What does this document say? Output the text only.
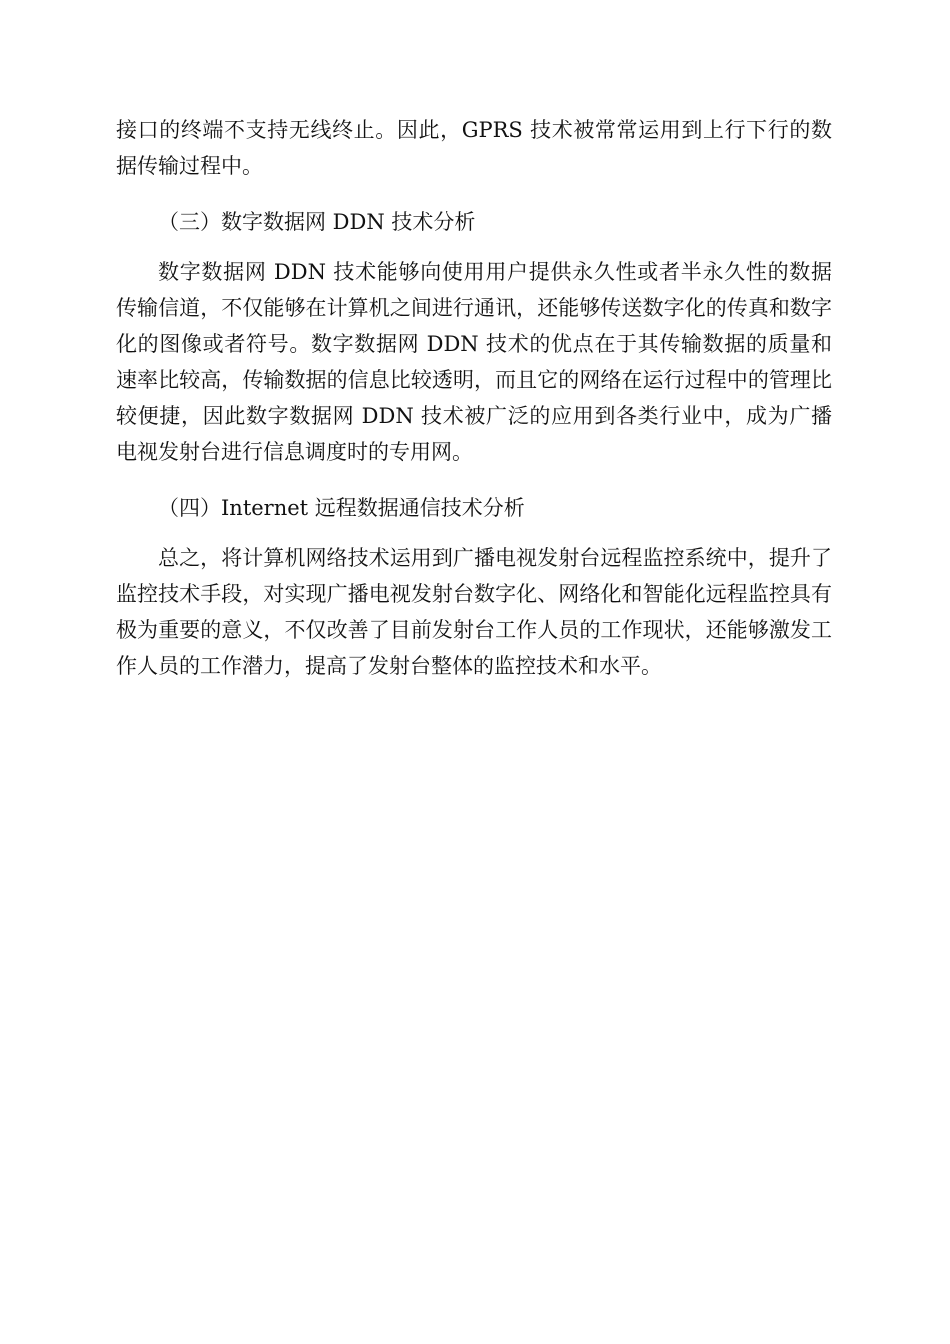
接口的终端不支持无线终止。因此，GPRS 技术被常常运用到上行下行的数据传输过程中。

（三）数字数据网 DDN 技术分析

数字数据网 DDN 技术能够向使用用户提供永久性或者半永久性的数据传输信道，不仅能够在计算机之间进行通讯，还能够传送数字化的传真和数字化的图像或者符号。数字数据网 DDN 技术的优点在于其传输数据的质量和速率比较高，传输数据的信息比较透明，而且它的网络在运行过程中的管理比较便捷，因此数字数据网 DDN 技术被广泛的应用到各类行业中，成为广播电视发射台进行信息调度时的专用网。

（四）Internet 远程数据通信技术分析

总之，将计算机网络技术运用到广播电视发射台远程监控系统中，提升了监控技术手段，对实现广播电视发射台数字化、网络化和智能化远程监控具有极为重要的意义，不仅改善了目前发射台工作人员的工作现状，还能够激发工作人员的工作潜力，提高了发射台整体的监控技术和水平。
